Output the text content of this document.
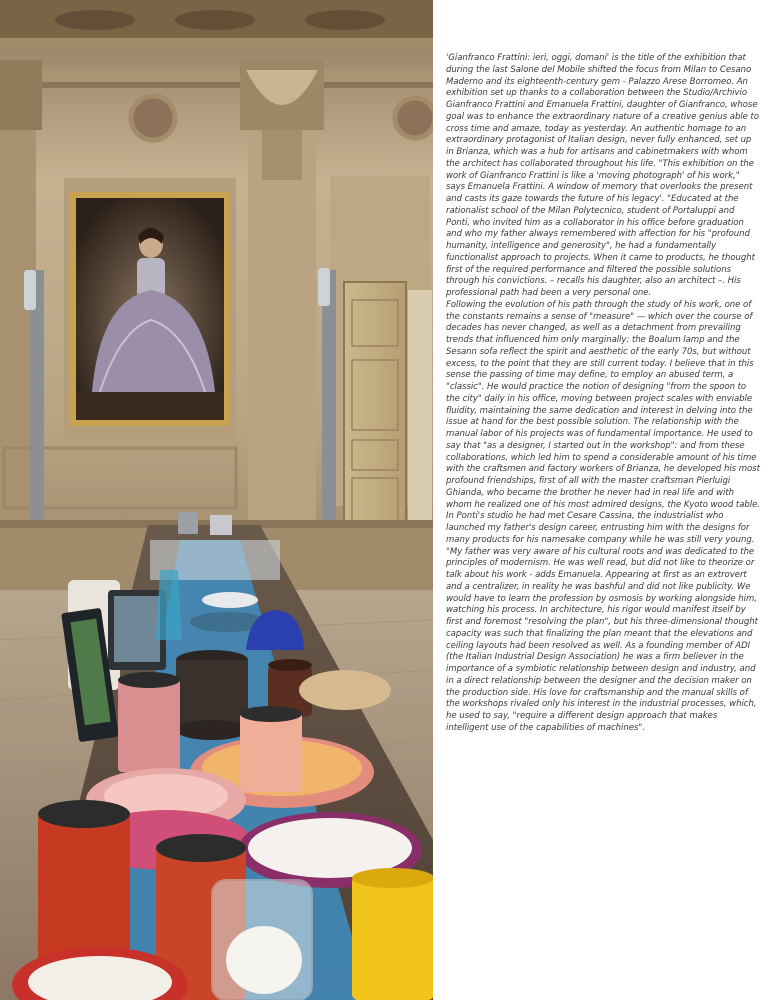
'Gianfranco Frattini: ieri, oggi, domani' is the title of the exhibition that during the last Salone del Mobile shifted the focus from Milan to Cesano Maderno and its eighteenth-century gem - Palazzo Arese Borromeo. An exhibition set up thanks to a collaboration between the Studio/Archivio Gianfranco Frattini and Emanuela Frattini, daughter of Gianfranco, whose goal was to enhance the extraordinary nature of a creative genius able to cross time and amaze, today as yesterday. An authentic homage to an extraordinary protagonist of Italian design, never fully enhanced, set up in Brianza, which was a hub for artisans and cabinetmakers with whom the architect has collaborated throughout his life. "This exhibition on the work of Gianfranco Frattini is like a 'moving photograph' of his work," says Emanuela Frattini. A window of memory that overlooks the present and casts its gaze towards the future of his legacy'. "Educated at the rationalist school of the Milan Polytecnico, student of Portaluppi and Ponti, who invited him as a collaborator in his office before graduation and who my father always remembered with affection for his "profound humanity, intelligence and generosity", he had a fundamentally functionalist approach to projects. When it came to products, he thought first of the required performance and filtered the possible solutions through his convictions. – recalls his daughter, also an architect –. His professional path had been a very personal one.

Following the evolution of his path through the study of his work, one of the constants remains a sense of "measure" — which over the course of decades has never changed, as well as a detachment from prevailing trends that influenced him only marginally: the Boalum lamp and the Sesann sofa reflect the spirit and aesthetic of the early 70s, but without excess, to the point that they are still current today. I believe that in this sense the passing of time may define, to employ an abused term, a "classic". He would practice the notion of designing "from the spoon to the city" daily in his office, moving between project scales with enviable fluidity, maintaining the same dedication and interest in delving into the issue at hand for the best possible solution. The relationship with the manual labor of his projects was of fundamental importance. He used to say that "as a designer, I started out in the workshop": and from these collaborations, which led him to spend a considerable amount of his time with the craftsmen and factory workers of Brianza, he developed his most profound friendships, first of all with the master craftsman Pierluigi Ghianda, who became the brother he never had in real life and with whom he realized one of his most admired designs, the Kyoto wood table. In Ponti's studio he had met Cesare Cassina, the industrialist who launched my father's design career, entrusting him with the designs for many products for his namesake company while he was still very young. "My father was very aware of his cultural roots and was dedicated to the principles of modernism. He was well read, but did not like to theorize or talk about his work - adds Emanuela. Appearing at first as an extrovert and a centralizer, in reality he was bashful and did not like publicity. We would have to learn the profession by osmosis by working alongside him, watching his process. In architecture, his rigor would manifest itself by first and foremost "resolving the plan", but his three-dimensional thought capacity was such that finalizing the plan meant that the elevations and ceiling layouts had been resolved as well. As a founding member of ADI (the Italian Industrial Design Association) he was a firm believer in the importance of a symbiotic relationship between design and industry, and in a direct relationship between the designer and the decision maker on the production side. His love for craftsmanship and the manual skills of the workshops rivaled only his interest in the industrial processes, which, he used to say, "require a different design approach that makes intelligent use of the capabilities of machines".
